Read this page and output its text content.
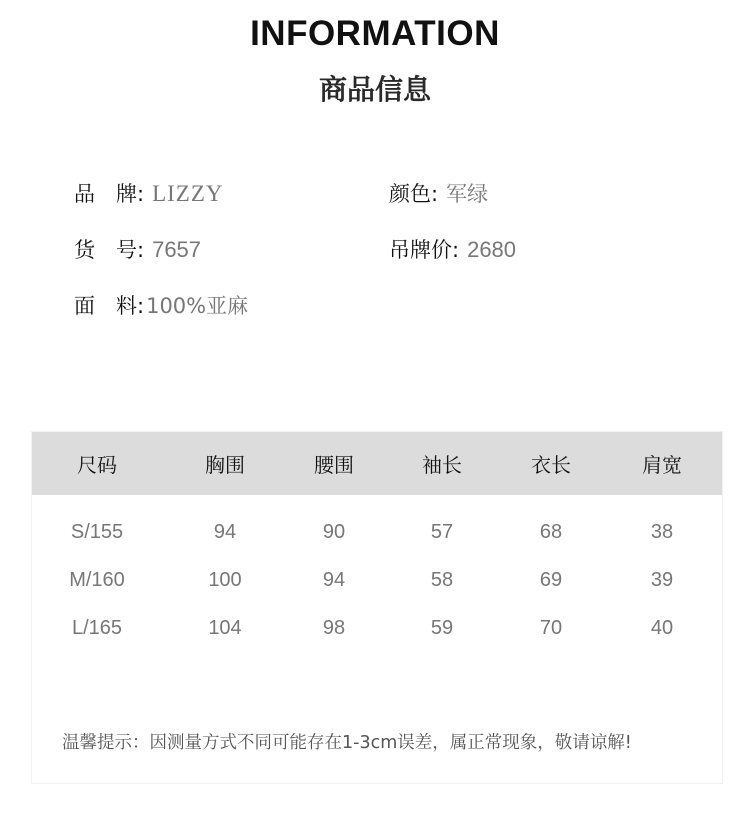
INFORMATION
商品信息
品 牌: LIZZY	颜色: 军绿
货 号: 7657	吊牌价: 2680
面 料: 100%亚麻
尺码	胸围	腰围	袖长	衣长	肩宽
S/155	94	90	57	68	38
M/160	100	94	58	69	39
L/165	104	98	59	70	40
温馨提示：因测量方式不同可能存在1-3cm误差，属正常现象，敬请谅解!
